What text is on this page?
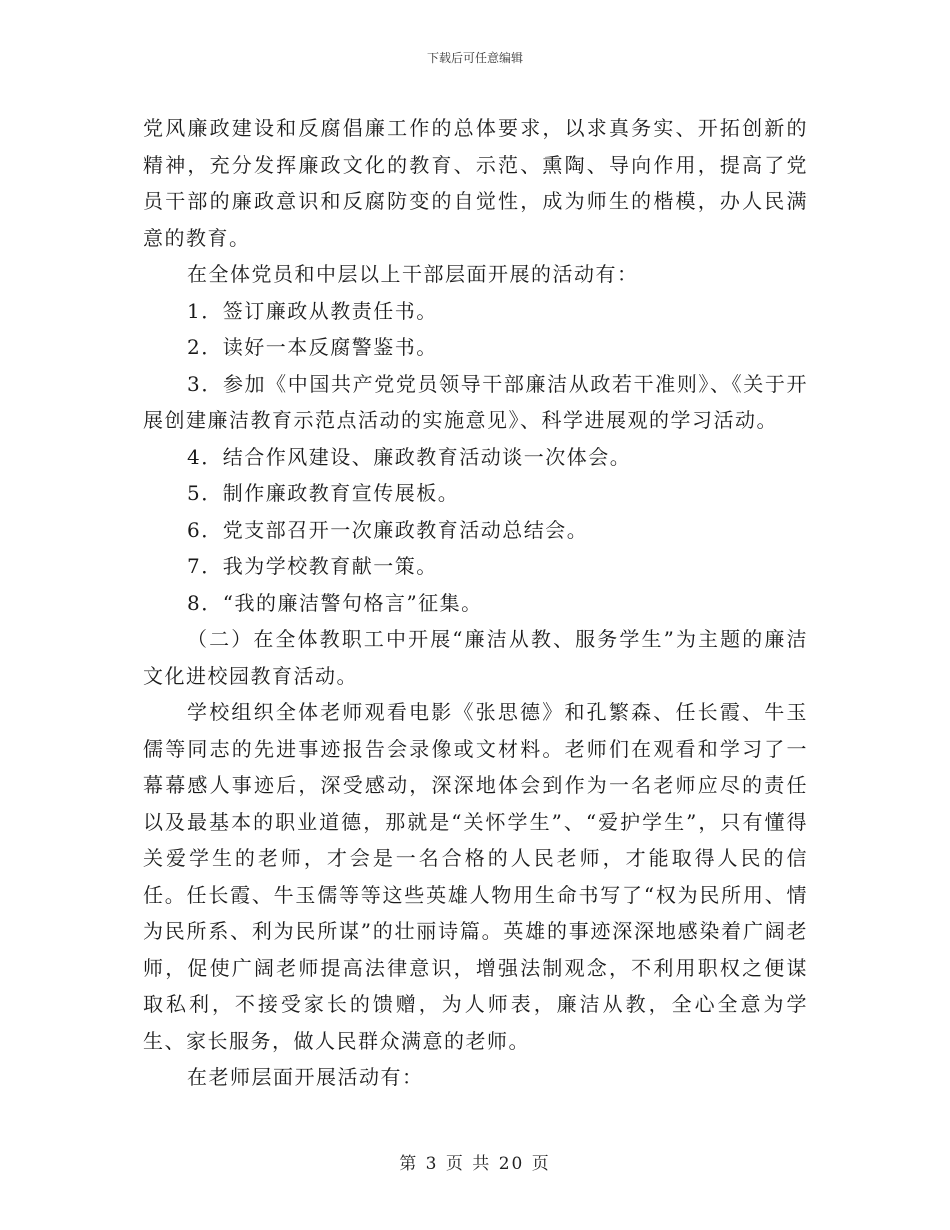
下载后可任意编辑

党风廉政建设和反腐倡廉工作的总体要求，以求真务实、开拓创新的精神，充分发挥廉政文化的教育、示范、熏陶、导向作用，提高了党员干部的廉政意识和反腐防变的自觉性，成为师生的楷模，办人民满意的教育。

在全体党员和中层以上干部层面开展的活动有：

1．签订廉政从教责任书。

2．读好一本反腐警鉴书。

3．参加《中国共产党党员领导干部廉洁从政若干准则》、《关于开展创建廉洁教育示范点活动的实施意见》、科学进展观的学习活动。

4．结合作风建设、廉政教育活动谈一次体会。

5．制作廉政教育宣传展板。

6．党支部召开一次廉政教育活动总结会。

7．我为学校教育献一策。

8．“我的廉洁警句格言”征集。

（二）在全体教职工中开展“廉洁从教、服务学生”为主题的廉洁文化进校园教育活动。

学校组织全体老师观看电影《张思德》和孔繁森、任长霞、牛玉儒等同志的先进事迹报告会录像或文材料。老师们在观看和学习了一幕幕感人事迹后，深受感动，深深地体会到作为一名老师应尽的责任以及最基本的职业道德，那就是“关怀学生”、“爱护学生”，只有懂得关爱学生的老师，才会是一名合格的人民老师，才能取得人民的信任。任长霞、牛玉儒等等这些英雄人物用生命书写了“权为民所用、情为民所系、利为民所谋”的壮丽诗篇。英雄的事迹深深地感染着广阔老师，促使广阔老师提高法律意识，增强法制观念，不利用职权之便谋取私利，不接受家长的馈赠，为人师表，廉洁从教，全心全意为学生、家长服务，做人民群众满意的老师。

在老师层面开展活动有：

第 3 页 共 20 页
